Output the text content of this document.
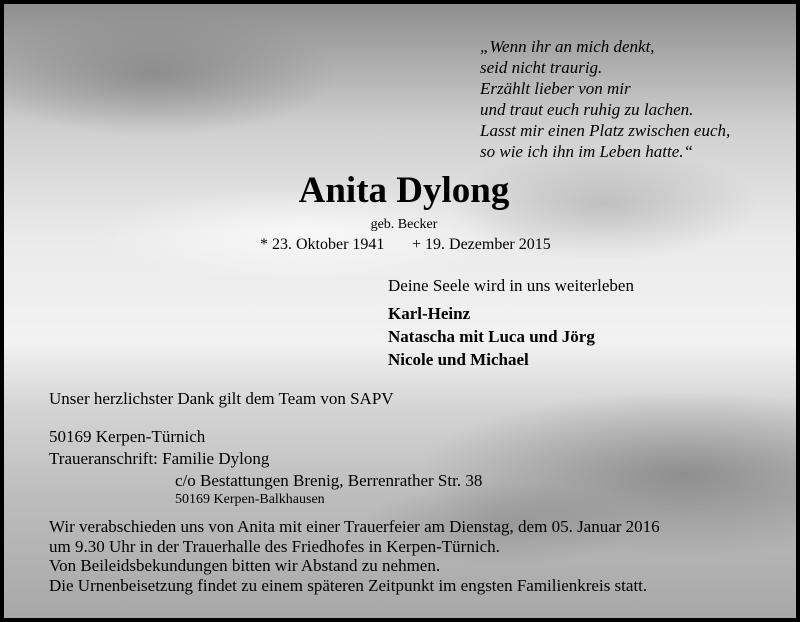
„Wenn ihr an mich denkt,
seid nicht traurig.
Erzählt lieber von mir
und traut euch ruhig zu lachen.
Lasst mir einen Platz zwischen euch,
so wie ich ihn im Leben hatte.“
Anita Dylong
geb. Becker
* 23. Oktober 1941 + 19. Dezember 2015
Deine Seele wird in uns weiterleben
Karl-Heinz
Natascha mit Luca und Jörg
Nicole und Michael
Unser herzlichster Dank gilt dem Team von SAPV
50169 Kerpen-Türnich
Traueranschrift: Familie Dylong
c/o Bestattungen Brenig, Berrenrather Str. 38
50169 Kerpen-Balkhausen
Wir verabschieden uns von Anita mit einer Trauerfeier am Dienstag, dem 05. Januar 2016
um 9.30 Uhr in der Trauerhalle des Friedhofes in Kerpen-Türnich.
Von Beileidsbekundungen bitten wir Abstand zu nehmen.
Die Urnenbeisetzung findet zu einem späteren Zeitpunkt im engsten Familienkreis statt.
